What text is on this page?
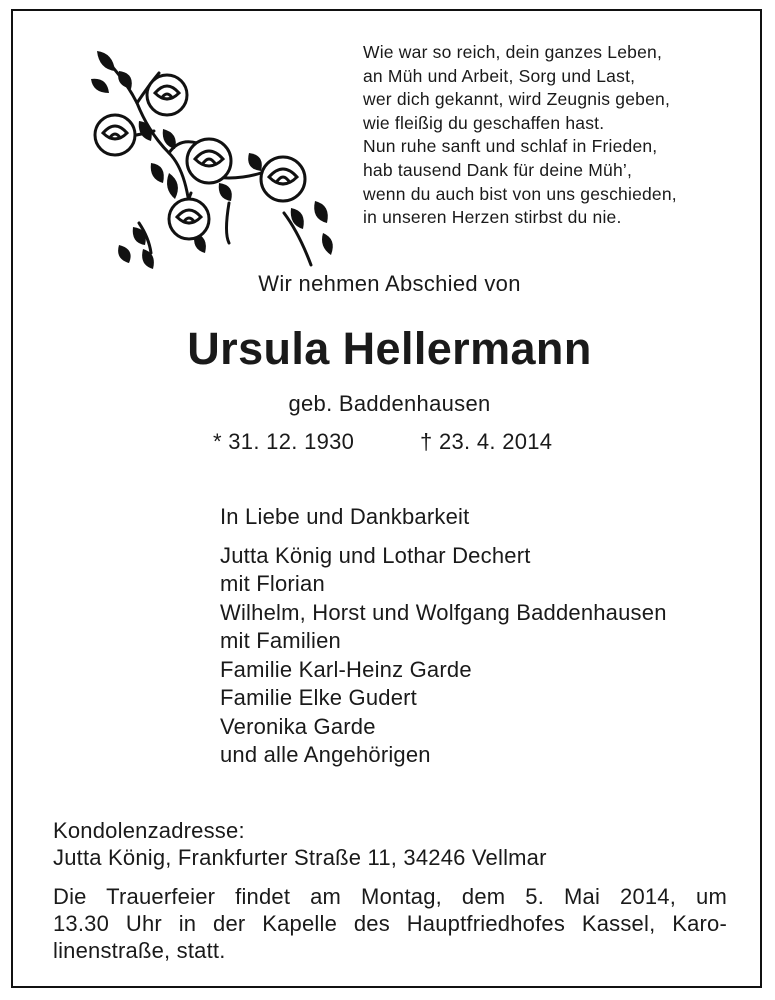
Wie war so reich, dein ganzes Leben,
an Müh und Arbeit, Sorg und Last,
wer dich gekannt, wird Zeugnis geben,
wie fleißig du geschaffen hast.
Nun ruhe sanft und schlaf in Frieden,
hab tausend Dank für deine Müh’,
wenn du auch bist von uns geschieden,
in unseren Herzen stirbst du nie.
Wir nehmen Abschied von
Ursula Hellermann
geb. Baddenhausen
* 31. 12. 1930	† 23. 4. 2014
In Liebe und Dankbarkeit
Jutta König und Lothar Dechert
mit Florian
Wilhelm, Horst und Wolfgang Baddenhausen
mit Familien
Familie Karl-Heinz Garde
Familie Elke Gudert
Veronika Garde
und alle Angehörigen
Kondolenzadresse:
Jutta König, Frankfurter Straße 11, 34246 Vellmar
Die Trauerfeier findet am Montag, dem 5. Mai 2014, um
13.30 Uhr in der Kapelle des Hauptfriedhofes Kassel, Karo-
linenstraße, statt.
